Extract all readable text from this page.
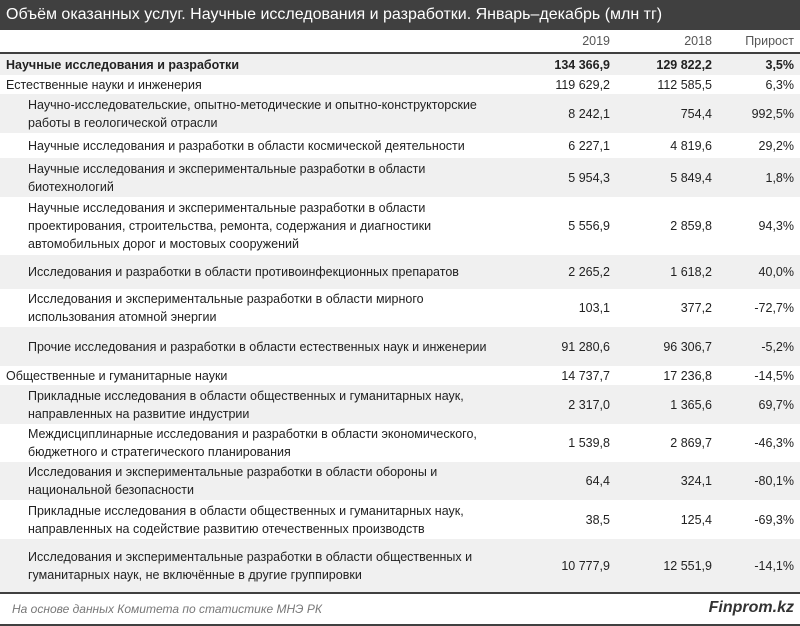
Объём оказанных услуг. Научные исследования и разработки. Январь–декабрь (млн тг)
	2019	2018	Прирост
Научные исследования и разработки	134 366,9	129 822,2	3,5%
Естественные науки и инженерия	119 629,2	112 585,5	6,3%
Научно-исследовательские, опытно-методические и опытно-конструкторские работы в геологической отрасли	8 242,1	754,4	992,5%
Научные исследования и разработки в области космической деятельности	6 227,1	4 819,6	29,2%
Научные исследования и экспериментальные разработки в области биотехнологий	5 954,3	5 849,4	1,8%
Научные исследования и экспериментальные разработки в области проектирования, строительства, ремонта, содержания и диагностики автомобильных дорог и мостовых сооружений	5 556,9	2 859,8	94,3%
Исследования и разработки в области противоинфекционных препаратов	2 265,2	1 618,2	40,0%
Исследования и экспериментальные разработки в области мирного использования атомной энергии	103,1	377,2	-72,7%
Прочие исследования и разработки в области естественных наук и инженерии	91 280,6	96 306,7	-5,2%
Общественные и гуманитарные науки	14 737,7	17 236,8	-14,5%
Прикладные исследования в области общественных и гуманитарных наук, направленных на развитие индустрии	2 317,0	1 365,6	69,7%
Междисциплинарные исследования и разработки в области экономического, бюджетного и стратегического планирования	1 539,8	2 869,7	-46,3%
Исследования и экспериментальные разработки в области обороны и национальной безопасности	64,4	324,1	-80,1%
Прикладные исследования в области общественных и гуманитарных наук, направленных на содействие развитию отечественных производств	38,5	125,4	-69,3%
Исследования и экспериментальные разработки в области общественных и гуманитарных наук, не включённые в другие группировки	10 777,9	12 551,9	-14,1%

На основе данных Комитета по статистике МНЭ РК	Finprom.kz
